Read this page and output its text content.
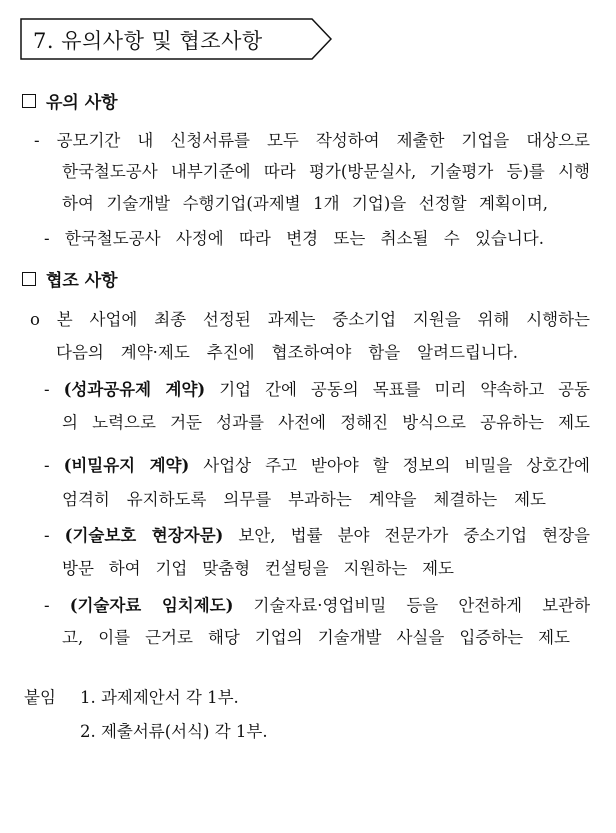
7. 유의사항 및 협조사항
유의 사항
- 공모기간 내 신청서류를 모두 작성하여 제출한 기업을 대상으로
한국철도공사 내부기준에 따라 평가(방문실사, 기술평가 등)를 시행
하여 기술개발 수행기업(과제별 1개 기업)을 선정할 계획이며,
- 한국철도공사 사정에 따라 변경 또는 취소될 수 있습니다.
협조 사항
o 본 사업에 최종 선정된 과제는 중소기업 지원을 위해 시행하는
다음의 계약·제도 추진에 협조하여야 함을 알려드립니다.
- (성과공유제 계약) 기업 간에 공동의 목표를 미리 약속하고 공동
의 노력으로 거둔 성과를 사전에 정해진 방식으로 공유하는 제도
- (비밀유지 계약) 사업상 주고 받아야 할 정보의 비밀을 상호간에
엄격히 유지하도록 의무를 부과하는 계약을 체결하는 제도
- (기술보호 현장자문) 보안, 법률 분야 전문가가 중소기업 현장을
방문 하여 기업 맞춤형 컨설팅을 지원하는 제도
- (기술자료 임치제도) 기술자료·영업비밀 등을 안전하게 보관하
고, 이를 근거로 해당 기업의 기술개발 사실을 입증하는 제도
붙임 1. 과제제안서 각 1부.
2. 제출서류(서식) 각 1부.
